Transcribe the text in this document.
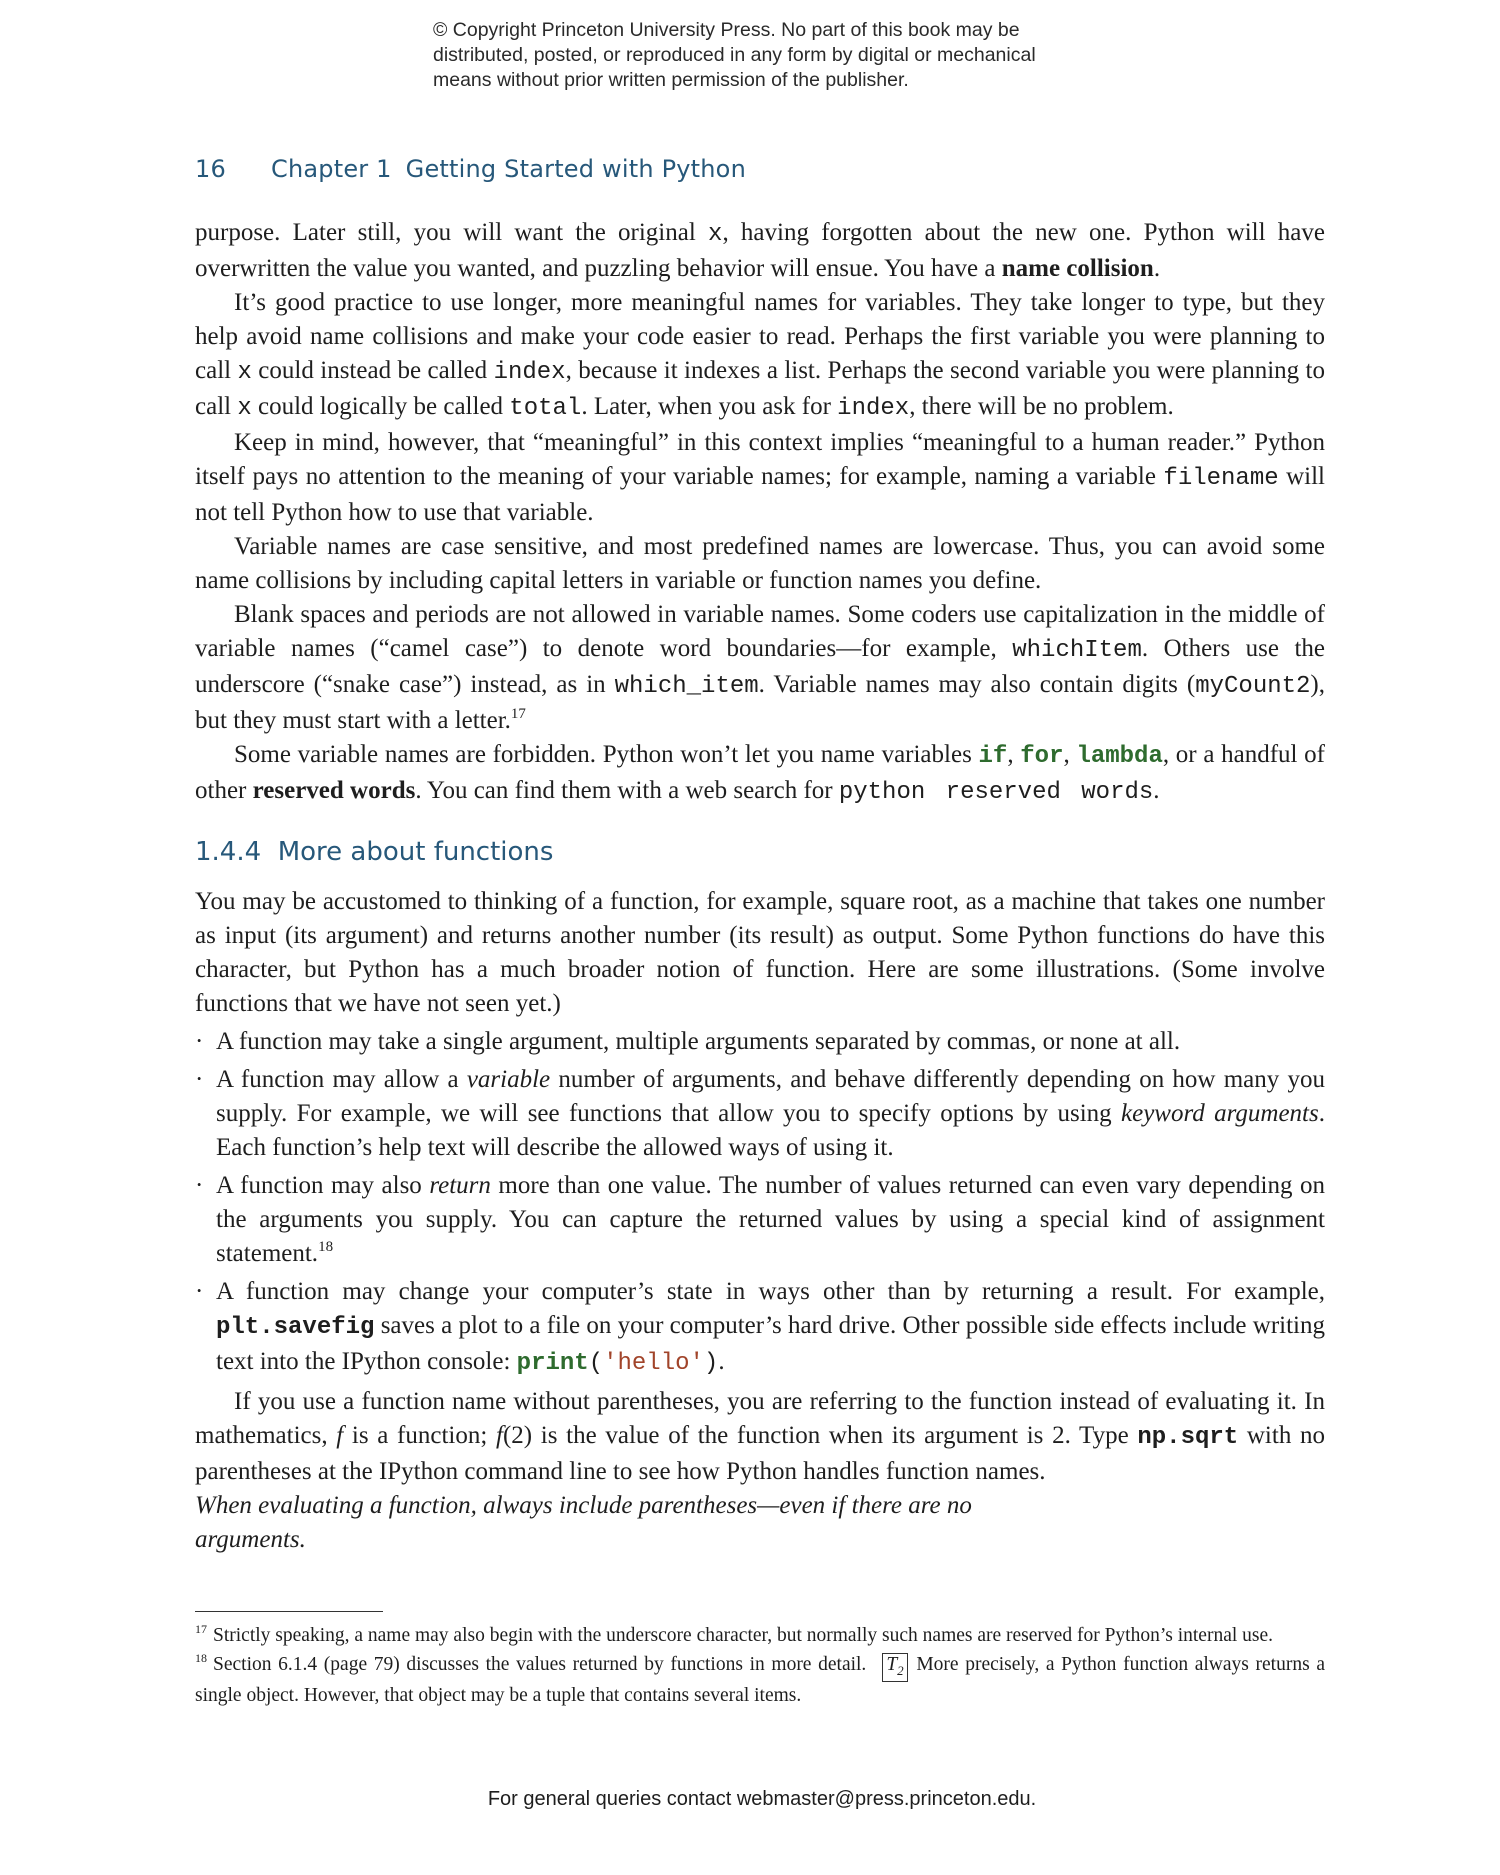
© Copyright Princeton University Press. No part of this book may be
distributed, posted, or reproduced in any form by digital or mechanical
means without prior written permission of the publisher.
16 Chapter 1 Getting Started with Python

purpose. Later still, you will want the original x, having forgotten about the new one. Python will have overwritten the value you wanted, and puzzling behavior will ensue. You have a name collision.

It’s good practice to use longer, more meaningful names for variables. They take longer to type, but they help avoid name collisions and make your code easier to read. Perhaps the first variable you were planning to call x could instead be called index, because it indexes a list. Perhaps the second variable you were planning to call x could logically be called total. Later, when you ask for index, there will be no problem.

Keep in mind, however, that “meaningful” in this context implies “meaningful to a human reader.” Python itself pays no attention to the meaning of your variable names; for example, naming a variable filename will not tell Python how to use that variable.

Variable names are case sensitive, and most predefined names are lowercase. Thus, you can avoid some name collisions by including capital letters in variable or function names you define.

Blank spaces and periods are not allowed in variable names. Some coders use capitalization in the middle of variable names (“camel case”) to denote word boundaries—for example, whichItem. Others use the underscore (“snake case”) instead, as in which_item. Variable names may also contain digits (myCount2), but they must start with a letter.$^{17}$

Some variable names are forbidden. Python won’t let you name variables if, for, lambda, or a handful of other reserved words. You can find them with a web search for python reserved words.

1.4.4 More about functions

You may be accustomed to thinking of a function, for example, square root, as a machine that takes one number as input (its argument) and returns another number (its result) as output. Some Python functions do have this character, but Python has a much broader notion of function. Here are some illustrations. (Some involve functions that we have not seen yet.)

· A function may take a single argument, multiple arguments separated by commas, or none at all.
· A function may allow a variable number of arguments, and behave differently depending on how many you supply. For example, we will see functions that allow you to specify options by using keyword arguments. Each function’s help text will describe the allowed ways of using it.
· A function may also return more than one value. The number of values returned can even vary depending on the arguments you supply. You can capture the returned values by using a special kind of assignment statement.$^{18}$
· A function may change your computer’s state in ways other than by returning a result. For example, plt.savefig saves a plot to a file on your computer’s hard drive. Other possible side effects include writing text into the IPython console: print('hello').

If you use a function name without parentheses, you are referring to the function instead of evaluating it. In mathematics, f is a function; f(2) is the value of the function when its argument is 2. Type np.sqrt with no parentheses at the IPython command line to see how Python handles function names.

When evaluating a function, always include parentheses—even if there are no arguments.

$^{17}$ Strictly speaking, a name may also begin with the underscore character, but normally such names are reserved for Python’s internal use.

$^{18}$ Section 6.1.4 (page 79) discusses the values returned by functions in more detail. $T_2$ More precisely, a Python function always returns a single object. However, that object may be a tuple that contains several items.

For general queries contact webmaster@press.princeton.edu.
